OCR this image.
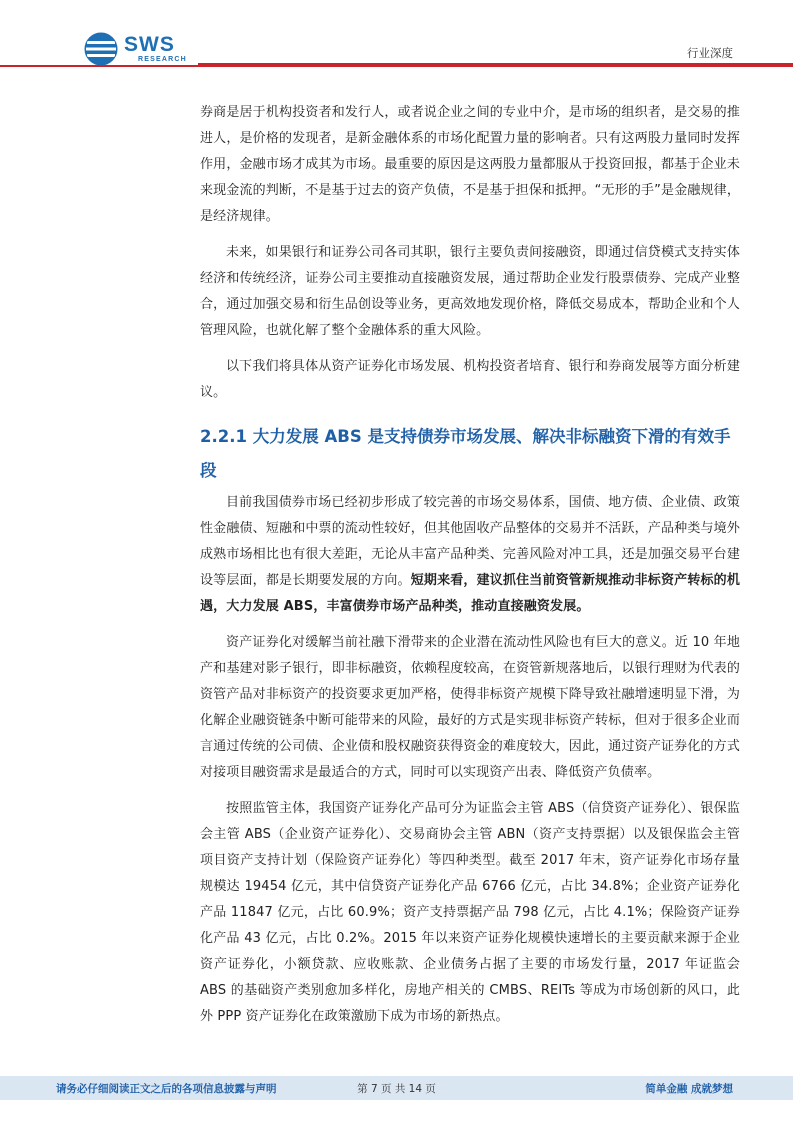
SWS
RESEARCH	行业深度

券商是居于机构投资者和发行人，或者说企业之间的专业中介，是市场的组织者，是交易的推进人，是价格的发现者，是新金融体系的市场化配置力量的影响者。只有这两股力量同时发挥作用，金融市场才成其为市场。最重要的原因是这两股力量都服从于投资回报，都基于企业未来现金流的判断，不是基于过去的资产负债，不是基于担保和抵押。“无形的手”是金融规律，是经济规律。

未来，如果银行和证券公司各司其职，银行主要负责间接融资，即通过信贷模式支持实体经济和传统经济，证券公司主要推动直接融资发展，通过帮助企业发行股票债券、完成产业整合，通过加强交易和衍生品创设等业务，更高效地发现价格，降低交易成本，帮助企业和个人管理风险，也就化解了整个金融体系的重大风险。

以下我们将具体从资产证券化市场发展、机构投资者培育、银行和券商发展等方面分析建议。

2.2.1 大力发展 ABS 是支持债券市场发展、解决非标融资下滑的有效手段

目前我国债券市场已经初步形成了较完善的市场交易体系，国债、地方债、企业债、政策性金融债、短融和中票的流动性较好，但其他固收产品整体的交易并不活跃，产品种类与境外成熟市场相比也有很大差距，无论从丰富产品种类、完善风险对冲工具，还是加强交易平台建设等层面，都是长期要发展的方向。短期来看，建议抓住当前资管新规推动非标资产转标的机遇，大力发展 ABS，丰富债券市场产品种类，推动直接融资发展。

资产证券化对缓解当前社融下滑带来的企业潜在流动性风险也有巨大的意义。近 10 年地产和基建对影子银行，即非标融资，依赖程度较高，在资管新规落地后，以银行理财为代表的资管产品对非标资产的投资要求更加严格，使得非标资产规模下降导致社融增速明显下滑，为化解企业融资链条中断可能带来的风险，最好的方式是实现非标资产转标，但对于很多企业而言通过传统的公司债、企业债和股权融资获得资金的难度较大，因此，通过资产证券化的方式对接项目融资需求是最适合的方式，同时可以实现资产出表、降低资产负债率。

按照监管主体，我国资产证券化产品可分为证监会主管 ABS（信贷资产证券化）、银保监会主管 ABS（企业资产证券化）、交易商协会主管 ABN（资产支持票据）以及银保监会主管项目资产支持计划（保险资产证券化）等四种类型。截至 2017 年末，资产证券化市场存量规模达 19454 亿元，其中信贷资产证券化产品 6766 亿元，占比 34.8%；企业资产证券化产品 11847 亿元，占比 60.9%；资产支持票据产品 798 亿元，占比 4.1%；保险资产证券化产品 43 亿元，占比 0.2%。2015 年以来资产证券化规模快速增长的主要贡献来源于企业资产证券化，小额贷款、应收账款、企业债务占据了主要的市场发行量，2017 年证监会 ABS 的基础资产类别愈加多样化，房地产相关的 CMBS、REITs 等成为市场创新的风口，此外 PPP 资产证券化在政策激励下成为市场的新热点。

请务必仔细阅读正文之后的各项信息披露与声明	第 7 页 共 14 页	简单金融 成就梦想
